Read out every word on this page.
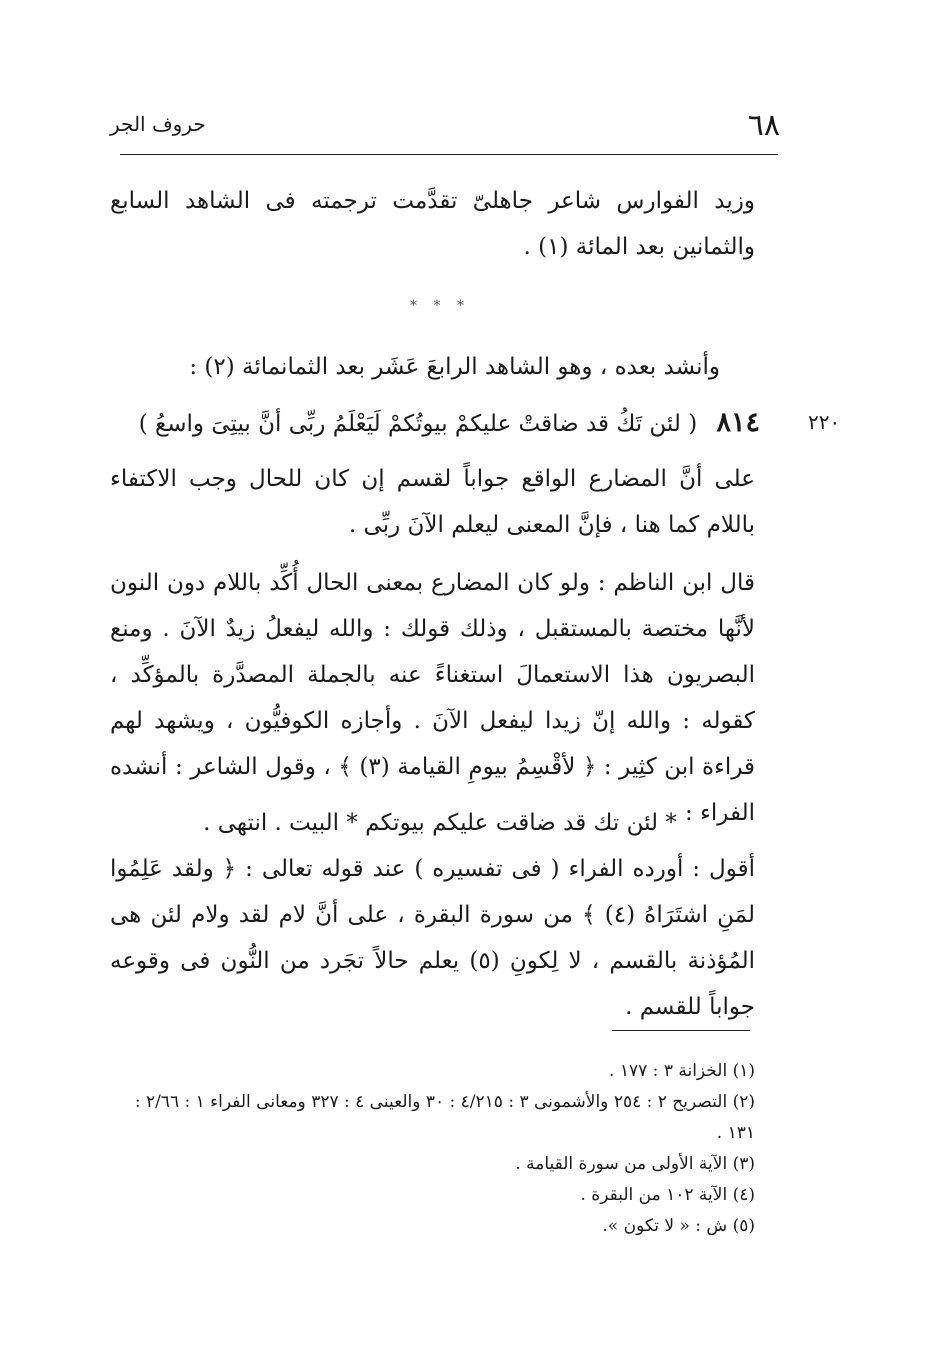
٦٨
حروف الجر
وزيد الفوارس شاعر جاهلىّ تقدَّمت ترجمته فى الشاهد السابع والثمانين بعد المائة (١) .
* * *
وأنشد بعده ، وهو الشاهد الرابعَ عَشَر بعد الثمانمائة (٢) :
٨١٤ ( لئن تَكُ قد ضاقتْ عليكمْ بيوتُكمْ لَيَعْلَمُ ربِّى أنَّ بيتِىَ واسعُ )	٢٢٠
على أنَّ المضارع الواقع جواباً لقسم إن كان للحال وجب الاكتفاء باللام كما هنا ، فإنَّ المعنى ليعلم الآنَ ربِّى .
قال ابن الناظم : ولو كان المضارع بمعنى الحال أُكِّد باللام دون النون لأنَّها مختصة بالمستقبل ، وذلك قولك : والله ليفعلُ زيدٌ الآنَ . ومنع البصريون هذا الاستعمالَ استغناءً عنه بالجملة المصدَّرة بالمؤكِّد ، كقوله : والله إنّ زيدا ليفعل الآنَ . وأجازه الكوفيُّون ، ويشهد لهم قراءة ابن كثِير : ﴿ لأقْسِمُ بيومِ القيامة (٣) ﴾ ، وقول الشاعر : أنشده الفراء :
* لئن تك قد ضاقت عليكم بيوتكم * البيت . انتهى .
أقول : أورده الفراء ( فى تفسيره ) عند قوله تعالى : ﴿ ولقد عَلِمُوا لمَنِ اشتَرَاهُ (٤) ﴾ من سورة البقرة ، على أنَّ لام لقد ولام لئن هى المُؤذنة بالقسم ، لا لِكونِ (٥) يعلم حالاً تجَرد من النُّون فى وقوعه جواباً للقسم .
(١) الخزانة ٣ : ١٧٧ .
(٢) التصريح ٢ : ٢٥٤ والأشمونى ٣ : ٤/٢١٥ : ٣٠ والعينى ٤ : ٣٢٧ ومعانى الفراء ١ : ٢/٦٦ : ١٣١ .
(٣) الآية الأولى من سورة القيامة .
(٤) الآية ١٠٢ من البقرة .
(٥) ش : « لا تكون ».
